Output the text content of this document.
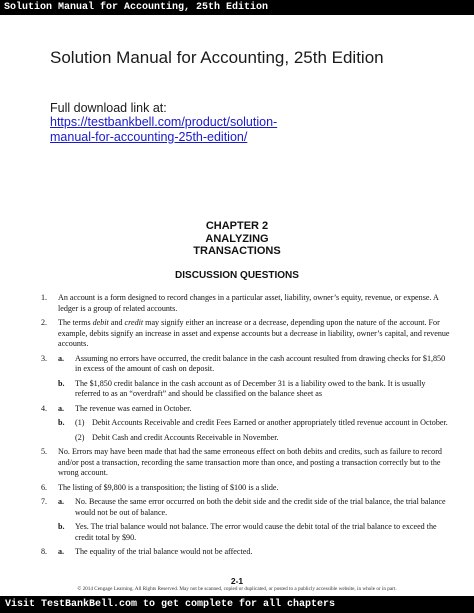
Solution Manual for Accounting, 25th Edition
Solution Manual for Accounting, 25th Edition
Full download link at:
https://testbankbell.com/product/solution-manual-for-accounting-25th-edition/
CHAPTER 2
ANALYZING
TRANSACTIONS
DISCUSSION QUESTIONS
1. An account is a form designed to record changes in a particular asset, liability, owner’s equity, revenue, or expense. A ledger is a group of related accounts.
2. The terms debit and credit may signify either an increase or a decrease, depending upon the nature of the account. For example, debits signify an increase in asset and expense accounts but a decrease in liability, owner’s capital, and revenue accounts.
3. a. Assuming no errors have occurred, the credit balance in the cash account resulted from drawing checks for $1,850 in excess of the amount of cash on deposit.
b. The $1,850 credit balance in the cash account as of December 31 is a liability owed to the bank. It is usually referred to as an “overdraft” and should be classified on the balance sheet as
4. a. The revenue was earned in October.
b. (1) Debit Accounts Receivable and credit Fees Earned or another appropriately titled revenue account in October.
(2) Debit Cash and credit Accounts Receivable in November.
5. No. Errors may have been made that had the same erroneous effect on both debits and credits, such as failure to record and/or post a transaction, recording the same transaction more than once, and posting a transaction correctly but to the wrong account.
6. The listing of $9,800 is a transposition; the listing of $100 is a slide.
7. a. No. Because the same error occurred on both the debit side and the credit side of the trial balance, the trial balance would not be out of balance.
b. Yes. The trial balance would not balance. The error would cause the debit total of the trial balance to exceed the credit total by $90.
8. a. The equality of the trial balance would not be affected.
2-1
© 2014 Cengage Learning. All Rights Reserved. May not be scanned, copied or duplicated, or posted to a publicly accessible website, in whole or in part.
Visit TestBankBell.com to get complete for all chapters
